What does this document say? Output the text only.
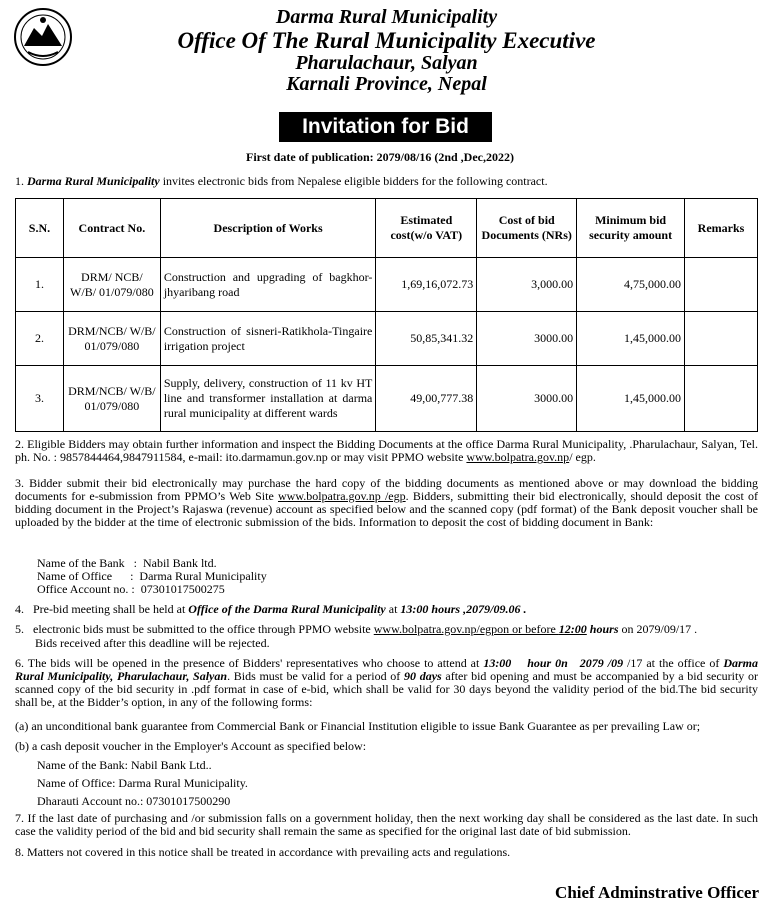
Darma Rural Municipality
Office Of The Rural Municipality Executive
Pharulachaur, Salyan
Karnali Province, Nepal
Invitation for Bid
First date of publication: 2079/08/16 (2nd ,Dec,2022)
1. Darma Rural Municipality invites electronic bids from Nepalese eligible bidders for the following contract.
S.N.	Contract No.	Description of Works	Estimated cost(w/o VAT)	Cost of bid Documents (NRs)	Minimum bid security amount	Remarks
1.	DRM/ NCB/ W/B/ 01/079/080	Construction and upgrading of bagkhor-jhyaribang road	1,69,16,072.73	3,000.00	4,75,000.00	
2.	DRM/NCB/ W/B/ 01/079/080	Construction of sisneri-Ratikhola-Tingaire irrigation project	50,85,341.32	3000.00	1,45,000.00	
3.	DRM/NCB/ W/B/ 01/079/080	Supply, delivery, construction of 11 kv HT line and transformer installation at darma rural municipality at different wards	49,00,777.38	3000.00	1,45,000.00	
2. Eligible Bidders may obtain further information and inspect the Bidding Documents at the office Darma Rural Municipality, .Pharulachaur, Salyan, Tel. ph. No. : 9857844464,9847911584, e-mail: ito.darmamun.gov.np or may visit PPMO website www.bolpatra.gov.np/ egp.
3. Bidder submit their bid electronically may purchase the hard copy of the bidding documents as mentioned above or may download the bidding documents for e-submission from PPMO’s Web Site www.bolpatra.gov.np /egp. Bidders, submitting their bid electronically, should deposit the cost of bidding document in the Project’s Rajaswa (revenue) account as specified below and the scanned copy (pdf format) of the Bank deposit voucher shall be uploaded by the bidder at the time of electronic submission of the bids. Information to deposit the cost of bidding document in Bank:
Name of the Bank   :  Nabil Bank ltd.
Name of Office      :  Darma Rural Municipality
Office Account no. :  07301017500275
4.   Pre-bid meeting shall be held at Office of the Darma Rural Municipality at 13:00 hours ,2079/09.06 .
5.   electronic bids must be submitted to the office through PPMO website www.bolpatra.gov.np/egpon or before 12:00 hours on 2079/09/17 .
Bids received after this deadline will be rejected.
6. The bids will be opened in the presence of Bidders' representatives who choose to attend at 13:00    hour 0n   2079 /09 /17 at the office of Darma Rural Municipality, Pharulachaur, Salyan. Bids must be valid for a period of 90 days after bid opening and must be accompanied by a bid security or scanned copy of the bid security in .pdf format in case of e-bid, which shall be valid for 30 days beyond the validity period of the bid.The bid security shall be, at the Bidder’s option, in any of the following forms:
(a) an unconditional bank guarantee from Commercial Bank or Financial Institution eligible to issue Bank Guarantee as per prevailing Law or;
(b) a cash deposit voucher in the Employer's Account as specified below:
Name of the Bank: Nabil Bank Ltd..
Name of Office: Darma Rural Municipality.
Dharauti Account no.: 07301017500290
7. If the last date of purchasing and /or submission falls on a government holiday, then the next working day shall be considered as the last date. In such case the validity period of the bid and bid security shall remain the same as specified for the original last date of bid submission.
8. Matters not covered in this notice shall be treated in accordance with prevailing acts and regulations.
Chief Adminstrative Officer
